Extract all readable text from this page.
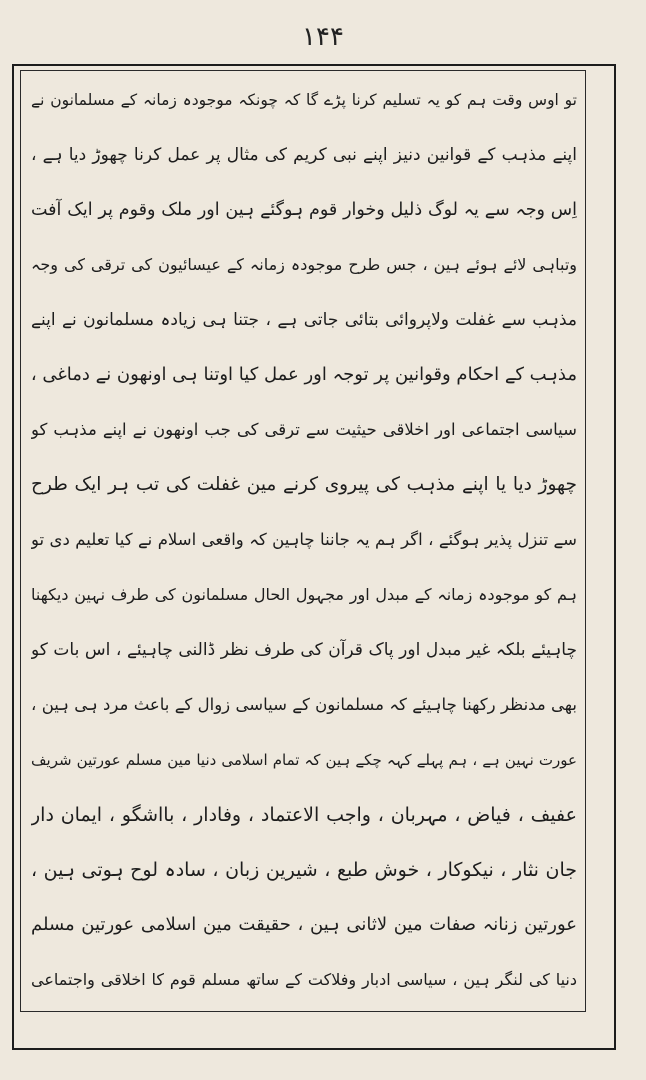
۱۴۴
تو اوس وقت ہم کو یہ تسلیم کرنا پڑے گا کہ چونکہ موجودہ زمانہ کے مسلمانون نے
اپنے مذہب کے قوانین دنیز اپنے نبی کریم کی مثال پر عمل کرنا چھوڑ دیا ہے ،
اِس وجہ سے یہ لوگ ذلیل وخوار قوم ہوگئے ہین اور ملک وقوم پر ایک آفت
وتباہی لائے ہوئے ہین ، جس طرح موجودہ زمانہ کے عیسائیون کی ترقی کی وجہ
مذہب سے غفلت ولاپروائی بتائی جاتی ہے ، جتنا ہی زیادہ مسلمانون نے اپنے
مذہب کے احکام وقوانین پر توجہ اور عمل کیا اوتنا ہی اونھون نے دماغی ،
سیاسی اجتماعی اور اخلاقی حیثیت سے ترقی کی جب اونھون نے اپنے مذہب کو
چھوڑ دیا یا اپنے مذہب کی پیروی کرنے مین غفلت کی تب ہر ایک طرح
سے تنزل پذیر ہوگئے ، اگر ہم یہ جاننا چاہین کہ واقعی اسلام نے کیا تعلیم دی تو
ہم کو موجودہ زمانہ کے مبدل اور مجہول الحال مسلمانون کی طرف نہین دیکھنا
چاہیئے بلکہ غیر مبدل اور پاک قرآن کی طرف نظر ڈالنی چاہیئے ، اس بات کو
بھی مدنظر رکھنا چاہیئے کہ مسلمانون کے سیاسی زوال کے باعث مرد ہی ہین ،
عورت نہین ہے ، ہم پہلے کہہ چکے ہین کہ تمام اسلامی دنیا مین مسلم عورتین شریف
عفیف ، فیاض ، مہربان ، واجب الاعتماد ، وفادار ، بااشگو ، ایمان دار
جان نثار ، نیکوکار ، خوش طبع ، شیرین زبان ، سادہ لوح ہوتی ہین ،
عورتین زنانہ صفات مین لاثانی ہین ، حقیقت مین اسلامی عورتین مسلم
دنیا کی لنگر ہین ، سیاسی ادبار وفلاکت کے ساتھ مسلم قوم کا اخلاقی واجتماعی
